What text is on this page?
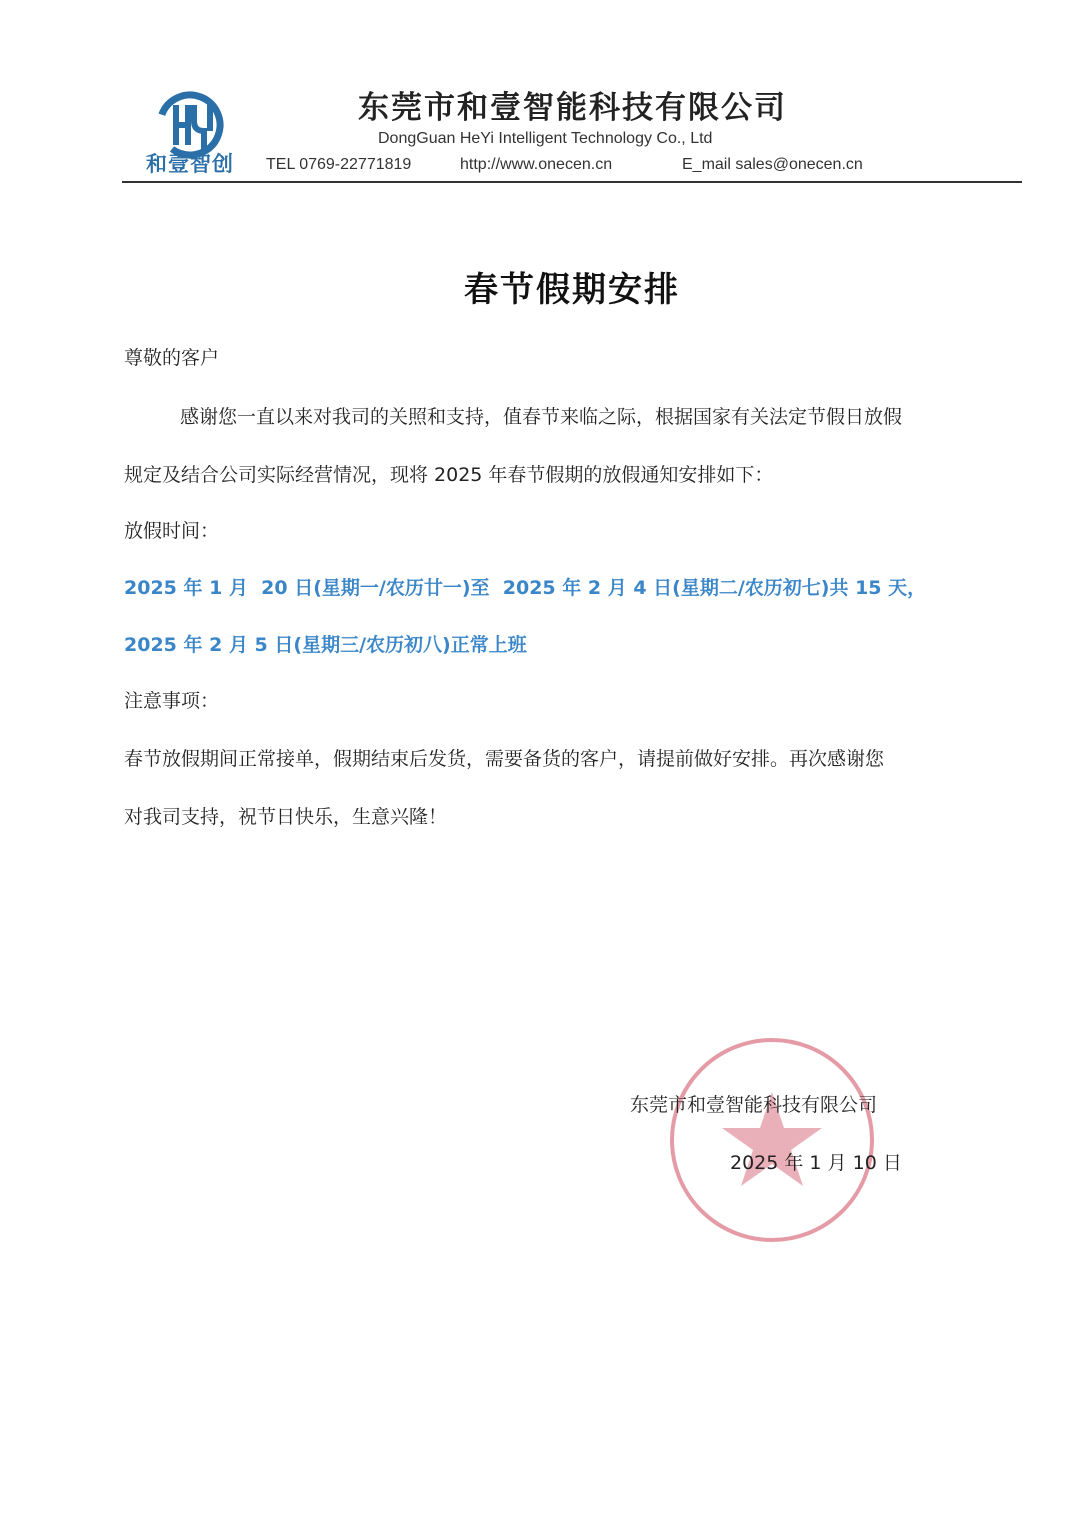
和壹智创
东莞市和壹智能科技有限公司
DongGuan HeYi Intelligent Technology Co., Ltd
TEL 0769-22771819	http://www.onecen.cn	E_mail sales@onecen.cn
春节假期安排
尊敬的客户
感谢您一直以来对我司的关照和支持，值春节来临之际，根据国家有关法定节假日放假
规定及结合公司实际经营情况，现将 2025 年春节假期的放假通知安排如下：
放假时间：
2025 年 1 月  20 日(星期一/农历廿一)至  2025 年 2 月 4 日(星期二/农历初七)共 15 天，
2025 年 2 月 5 日(星期三/农历初八)正常上班
注意事项：
春节放假期间正常接单，假期结束后发货，需要备货的客户，请提前做好安排。再次感谢您
对我司支持，祝节日快乐，生意兴隆！
东莞市和壹智能科技有限公司
2025 年 1 月 10 日
